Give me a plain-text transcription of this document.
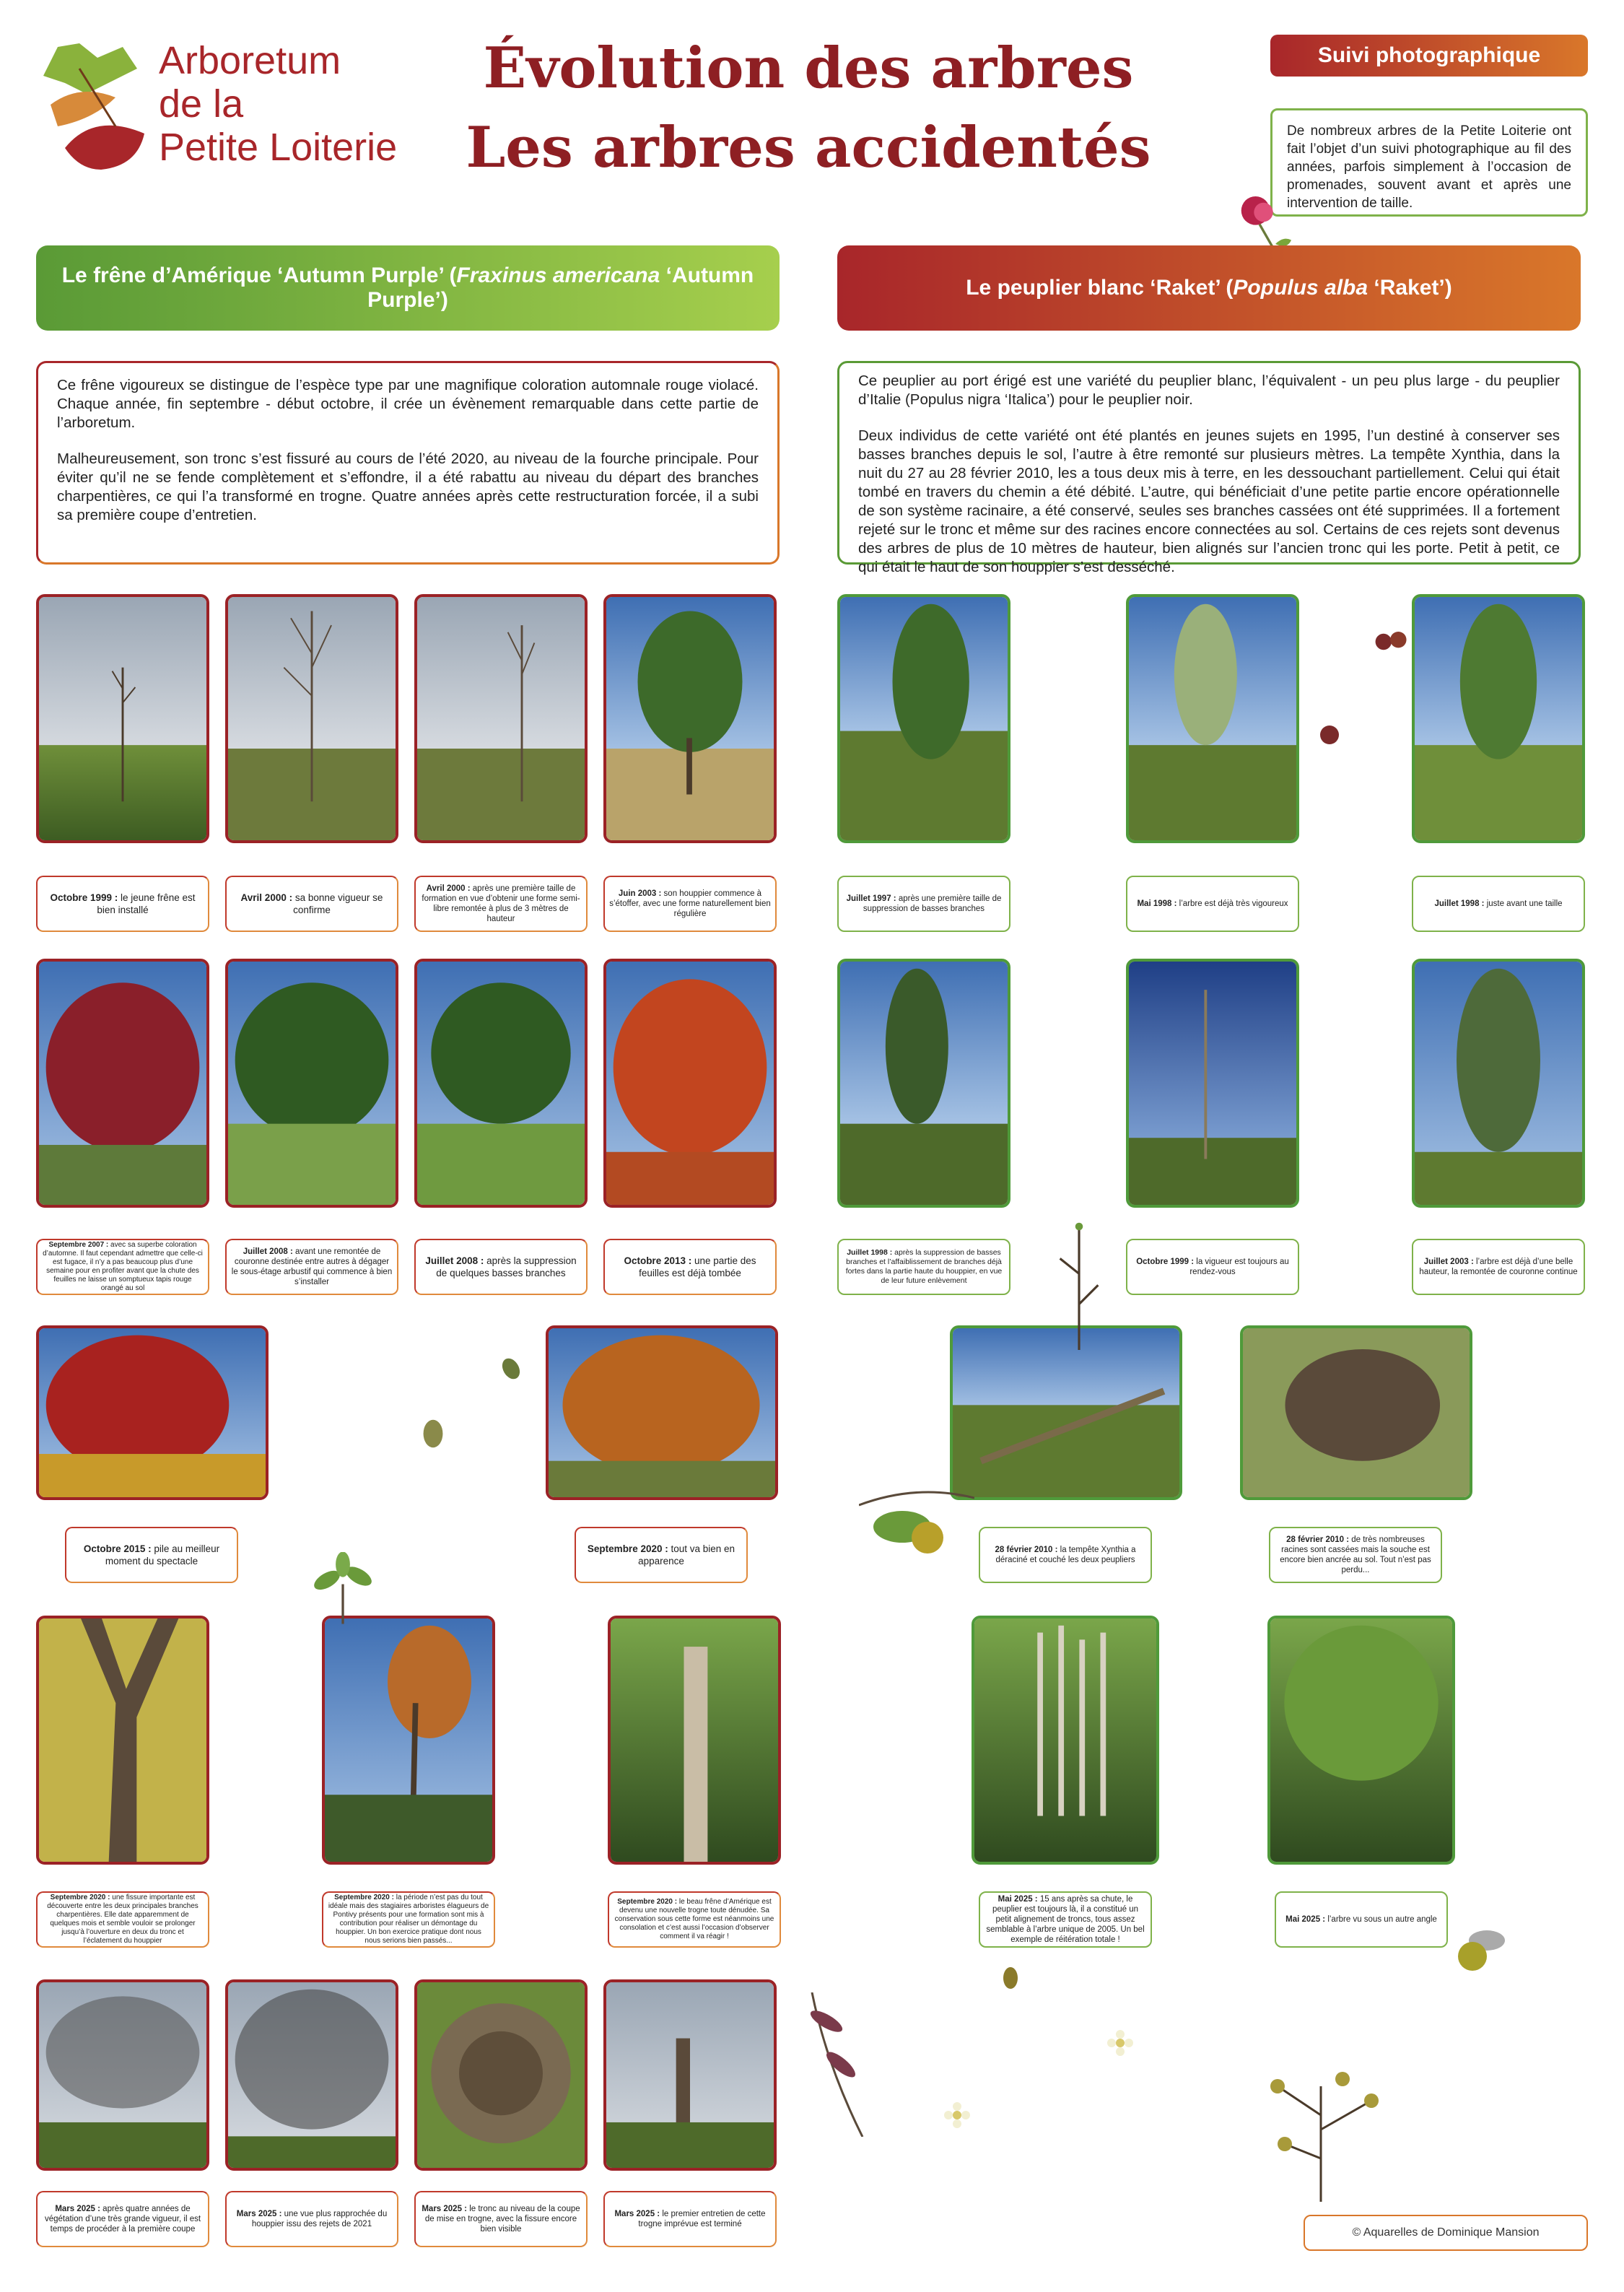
Arboretum
de la
Petite Loiterie
Évolution des arbres
Les arbres accidentés
Suivi photographique
De nombreux arbres de la Petite Loiterie ont fait l’objet d’un suivi photographique au fil des années, parfois simplement à l’occasion de promenades, souvent avant et après une intervention de taille.
Le frêne d’Amérique ‘Autumn Purple’ (Fraxinus americana ‘Autumn Purple’)
Le peuplier blanc ‘Raket’ (Populus alba ‘Raket’)

Ce frêne vigoureux se distingue de l’espèce type par une magnifique coloration automnale rouge violacé. Chaque année, fin septembre - début octobre, il crée un évènement remarquable dans cette partie de l’arboretum.

Malheureusement, son tronc s’est fissuré au cours de l’été 2020, au niveau de la fourche principale. Pour éviter qu’il ne se fende complètement et s’effondre, il a été rabattu au niveau du départ des branches charpentières, ce qui l’a transformé en trogne. Quatre années après cette restructuration forcée, il a subi sa première coupe d’entretien.

Ce peuplier au port érigé est une variété du peuplier blanc, l’équivalent - un peu plus large - du peuplier d’Italie (Populus nigra ‘Italica’) pour le peuplier noir.

Deux individus de cette variété ont été plantés en jeunes sujets en 1995, l’un destiné à conserver ses basses branches depuis le sol, l’autre à être remonté sur plusieurs mètres. La tempête Xynthia, dans la nuit du 27 au 28 février 2010, les a tous deux mis à terre, en les dessouchant partiellement. Celui qui était tombé en travers du chemin a été débité. L’autre, qui bénéficiait d’une petite partie encore opérationnelle de son système racinaire, a été conservé, seules ses branches cassées ont été supprimées. Il a fortement rejeté sur le tronc et même sur des racines encore connectées au sol. Certains de ces rejets sont devenus des arbres de plus de 10 mètres de hauteur, bien alignés sur l’ancien tronc qui les porte. Petit à petit, ce qui était le haut de son houppier s’est desséché.

Octobre 1999 : le jeune frêne est bien installé
Avril 2000 : sa bonne vigueur se confirme
Avril 2000 : après une première taille de formation en vue d’obtenir une forme semi-libre remontée à plus de 3 mètres de hauteur
Juin 2003 : son houppier commence à s’étoffer, avec une forme naturellement bien régulière
Septembre 2007 : avec sa superbe coloration d’automne. Il faut cependant admettre que celle-ci est fugace, il n’y a pas beaucoup plus d’une semaine pour en profiter avant que la chute des feuilles ne laisse un somptueux tapis rouge orangé au sol
Juillet 2008 : avant une remontée de couronne destinée entre autres à dégager le sous-étage arbustif qui commence à bien s’installer
Juillet 2008 : après la suppression de quelques basses branches
Octobre 2013 : une partie des feuilles est déjà tombée
Octobre 2015 : pile au meilleur moment du spectacle
Septembre 2020 : tout va bien en apparence
Septembre 2020 : une fissure importante est découverte entre les deux principales branches charpentières. Elle date apparemment de quelques mois et semble vouloir se prolonger jusqu’à l’ouverture en deux du tronc et l’éclatement du houppier
Septembre 2020 : la période n’est pas du tout idéale mais des stagiaires arboristes élagueurs de Pontivy présents pour une formation sont mis à contribution pour réaliser un démontage du houppier. Un bon exercice pratique dont nous nous serions bien passés...
Septembre 2020 : le beau frêne d’Amérique est devenu une nouvelle trogne toute dénudée. Sa conservation sous cette forme est néanmoins une consolation et c’est aussi l’occasion d’observer comment il va réagir !
Mars 2025 : après quatre années de végétation d’une très grande vigueur, il est temps de procéder à la première coupe
Mars 2025 : une vue plus rapprochée du houppier issu des rejets de 2021
Mars 2025 : le tronc au niveau de la coupe de mise en trogne, avec la fissure encore bien visible
Mars 2025 : le premier entretien de cette trogne imprévue est terminé
Juillet 1997 : après une première taille de suppression de basses branches
Mai 1998 : l’arbre est déjà très vigoureux	Juillet 1998 : juste avant une taille
Juillet 1998 : après la suppression de basses branches et l’affaiblissement de branches déjà fortes dans la partie haute du houppier, en vue de leur future enlèvement
Octobre 1999 : la vigueur est toujours au rendez-vous
Juillet 2003 : l’arbre est déjà d’une belle hauteur, la remontée de couronne continue
28 février 2010 : la tempête Xynthia a déraciné et couché les deux peupliers
28 février 2010 : de très nombreuses racines sont cassées mais la souche est encore bien ancrée au sol. Tout n’est pas perdu...
Mai 2025 : 15 ans après sa chute, le peuplier est toujours là, il a constitué un petit alignement de troncs, tous assez semblable à l’arbre unique de 2005. Un bel exemple de réitération totale !
Mai 2025 : l’arbre vu sous un autre angle
© Aquarelles de Dominique Mansion
